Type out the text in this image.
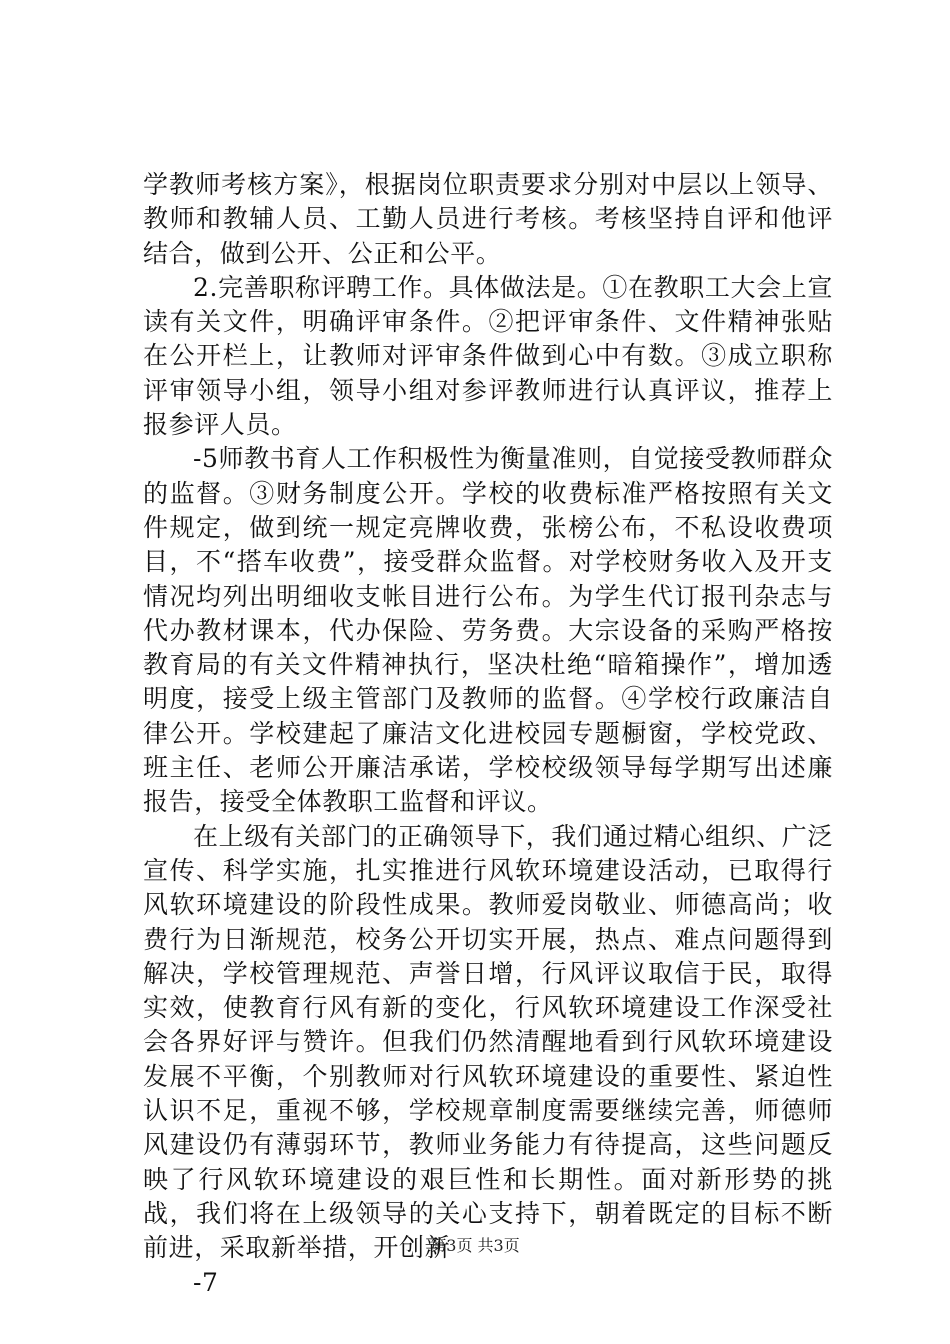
学教师考核方案》，根据岗位职责要求分别对中层以上领导、教师和教辅人员、工勤人员进行考核。考核坚持自评和他评结合，做到公开、公正和公平。

2.完善职称评聘工作。具体做法是。①在教职工大会上宣读有关文件，明确评审条件。②把评审条件、文件精神张贴在公开栏上，让教师对评审条件做到心中有数。③成立职称评审领导小组，领导小组对参评教师进行认真评议，推荐上报参评人员。

-5师教书育人工作积极性为衡量准则，自觉接受教师群众的监督。③财务制度公开。学校的收费标准严格按照有关文件规定，做到统一规定亮牌收费，张榜公布，不私设收费项目，不“搭车收费”，接受群众监督。对学校财务收入及开支情况均列出明细收支帐目进行公布。为学生代订报刊杂志与代办教材课本，代办保险、劳务费。大宗设备的采购严格按教育局的有关文件精神执行，坚决杜绝“暗箱操作”，增加透明度，接受上级主管部门及教师的监督。④学校行政廉洁自律公开。学校建起了廉洁文化进校园专题橱窗，学校党政、班主任、老师公开廉洁承诺，学校校级领导每学期写出述廉报告，接受全体教职工监督和评议。

在上级有关部门的正确领导下，我们通过精心组织、广泛宣传、科学实施，扎实推进行风软环境建设活动，已取得行风软环境建设的阶段性成果。教师爱岗敬业、师德高尚；收费行为日渐规范，校务公开切实开展，热点、难点问题得到解决，学校管理规范、声誉日增，行风评议取信于民，取得实效，使教育行风有新的变化，行风软环境建设工作深受社会各界好评与赞许。但我们仍然清醒地看到行风软环境建设发展不平衡，个别教师对行风软环境建设的重要性、紧迫性认识不足，重视不够，学校规章制度需要继续完善，师德师风建设仍有薄弱环节，教师业务能力有待提高，这些问题反映了行风软环境建设的艰巨性和长期性。面对新形势的挑战，我们将在上级领导的关心支持下，朝着既定的目标不断前进，采取新举措，开创新

-7

第3页 共3页
